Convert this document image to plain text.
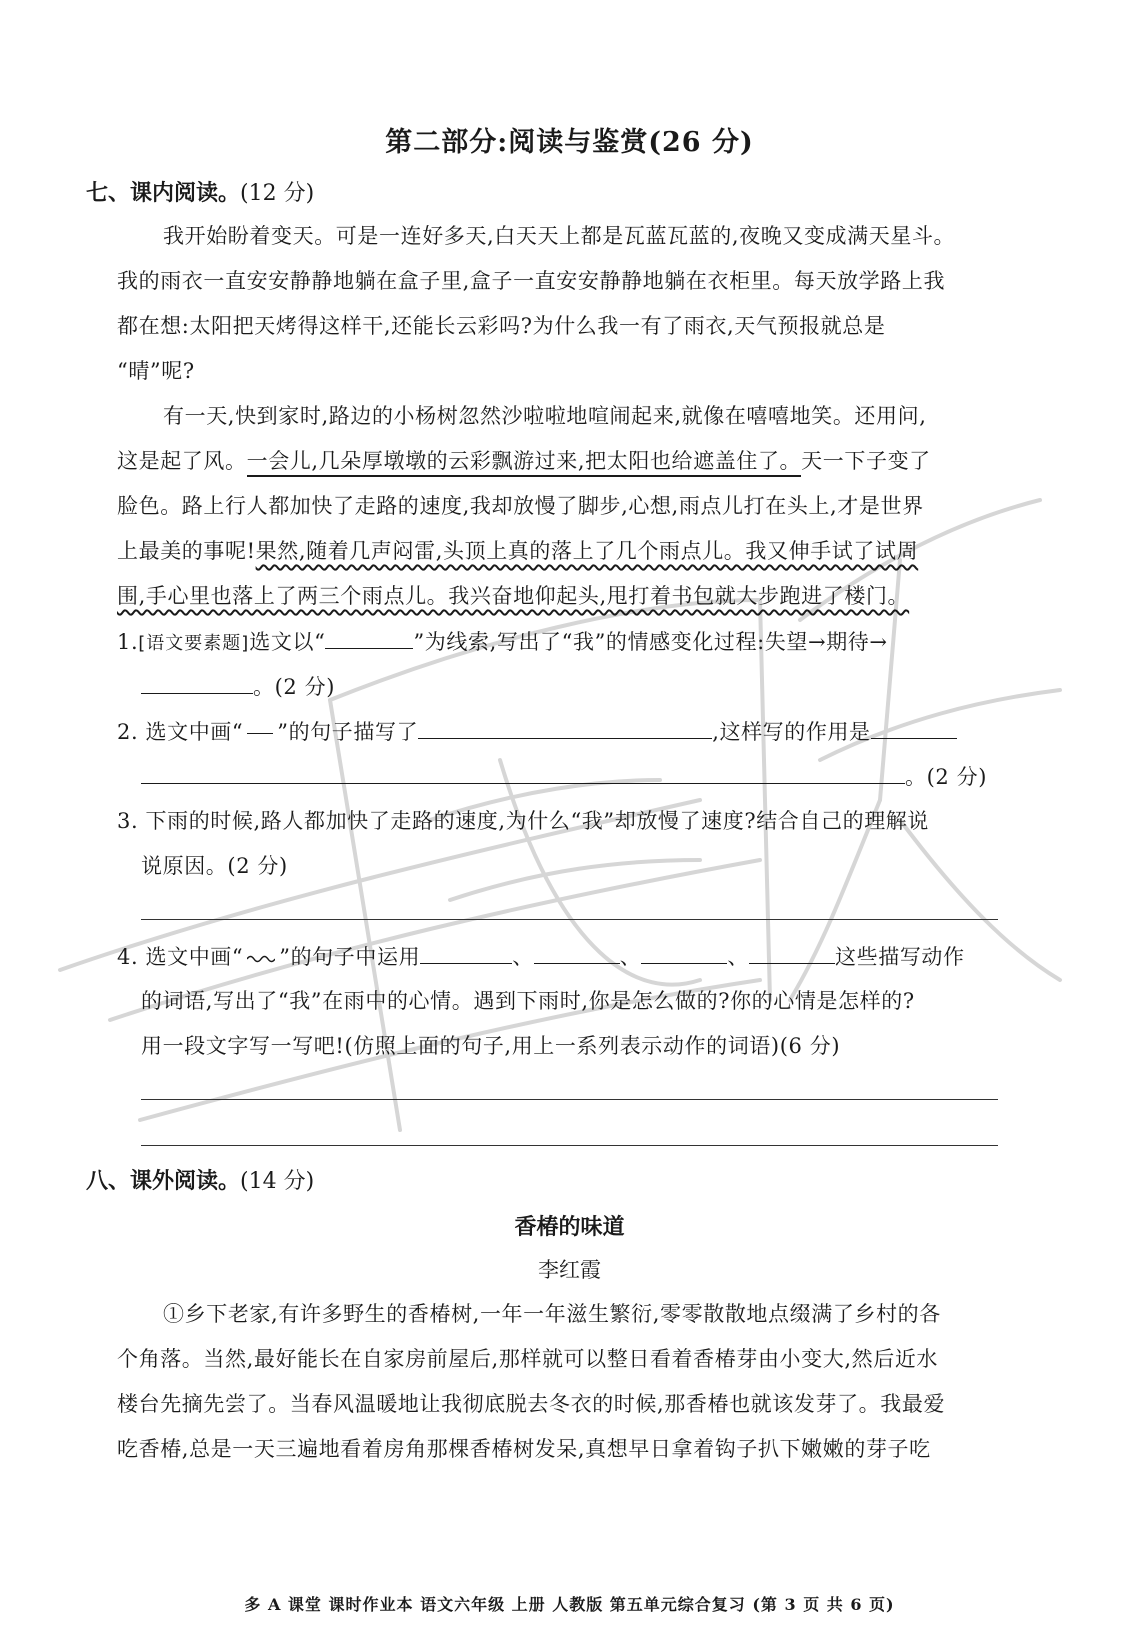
第二部分:阅读与鉴赏(26 分)
七、课内阅读。(12 分)
我开始盼着变天。可是一连好多天,白天天上都是瓦蓝瓦蓝的,夜晚又变成满天星斗。
我的雨衣一直安安静静地躺在盒子里,盒子一直安安静静地躺在衣柜里。每天放学路上我
都在想:太阳把天烤得这样干,还能长云彩吗?为什么我一有了雨衣,天气预报就总是
“晴”呢?
有一天,快到家时,路边的小杨树忽然沙啦啦地喧闹起来,就像在嘻嘻地笑。还用问,
这是起了风。一会儿,几朵厚墩墩的云彩飘游过来,把太阳也给遮盖住了。天一下子变了
脸色。路上行人都加快了走路的速度,我却放慢了脚步,心想,雨点儿打在头上,才是世界
上最美的事呢!果然,随着几声闷雷,头顶上真的落上了几个雨点儿。我又伸手试了试周
围,手心里也落上了两三个雨点儿。我兴奋地仰起头,甩打着书包就大步跑进了楼门。
1.[语文要素题]选文以“	”为线索,写出了“我”的情感变化过程:失望→期待→
。(2 分)
2. 选文中画“ ”的句子描写了	,这样写的作用是
。(2 分)
3. 下雨的时候,路人都加快了走路的速度,为什么“我”却放慢了速度?结合自己的理解说
说原因。(2 分)
4. 选文中画“ ”的句子中运用	、	、	、	这些描写动作
的词语,写出了“我”在雨中的心情。遇到下雨时,你是怎么做的?你的心情是怎样的?
用一段文字写一写吧!(仿照上面的句子,用上一系列表示动作的词语)(6 分)
八、课外阅读。(14 分)
香椿的味道
李红霞
①乡下老家,有许多野生的香椿树,一年一年滋生繁衍,零零散散地点缀满了乡村的各
个角落。当然,最好能长在自家房前屋后,那样就可以整日看着香椿芽由小变大,然后近水
楼台先摘先尝了。当春风温暖地让我彻底脱去冬衣的时候,那香椿也就该发芽了。我最爱
吃香椿,总是一天三遍地看着房角那棵香椿树发呆,真想早日拿着钩子扒下嫩嫩的芽子吃
多 A 课堂 课时作业本 语文六年级 上册 人教版 第五单元综合复习 (第 3 页 共 6 页)
